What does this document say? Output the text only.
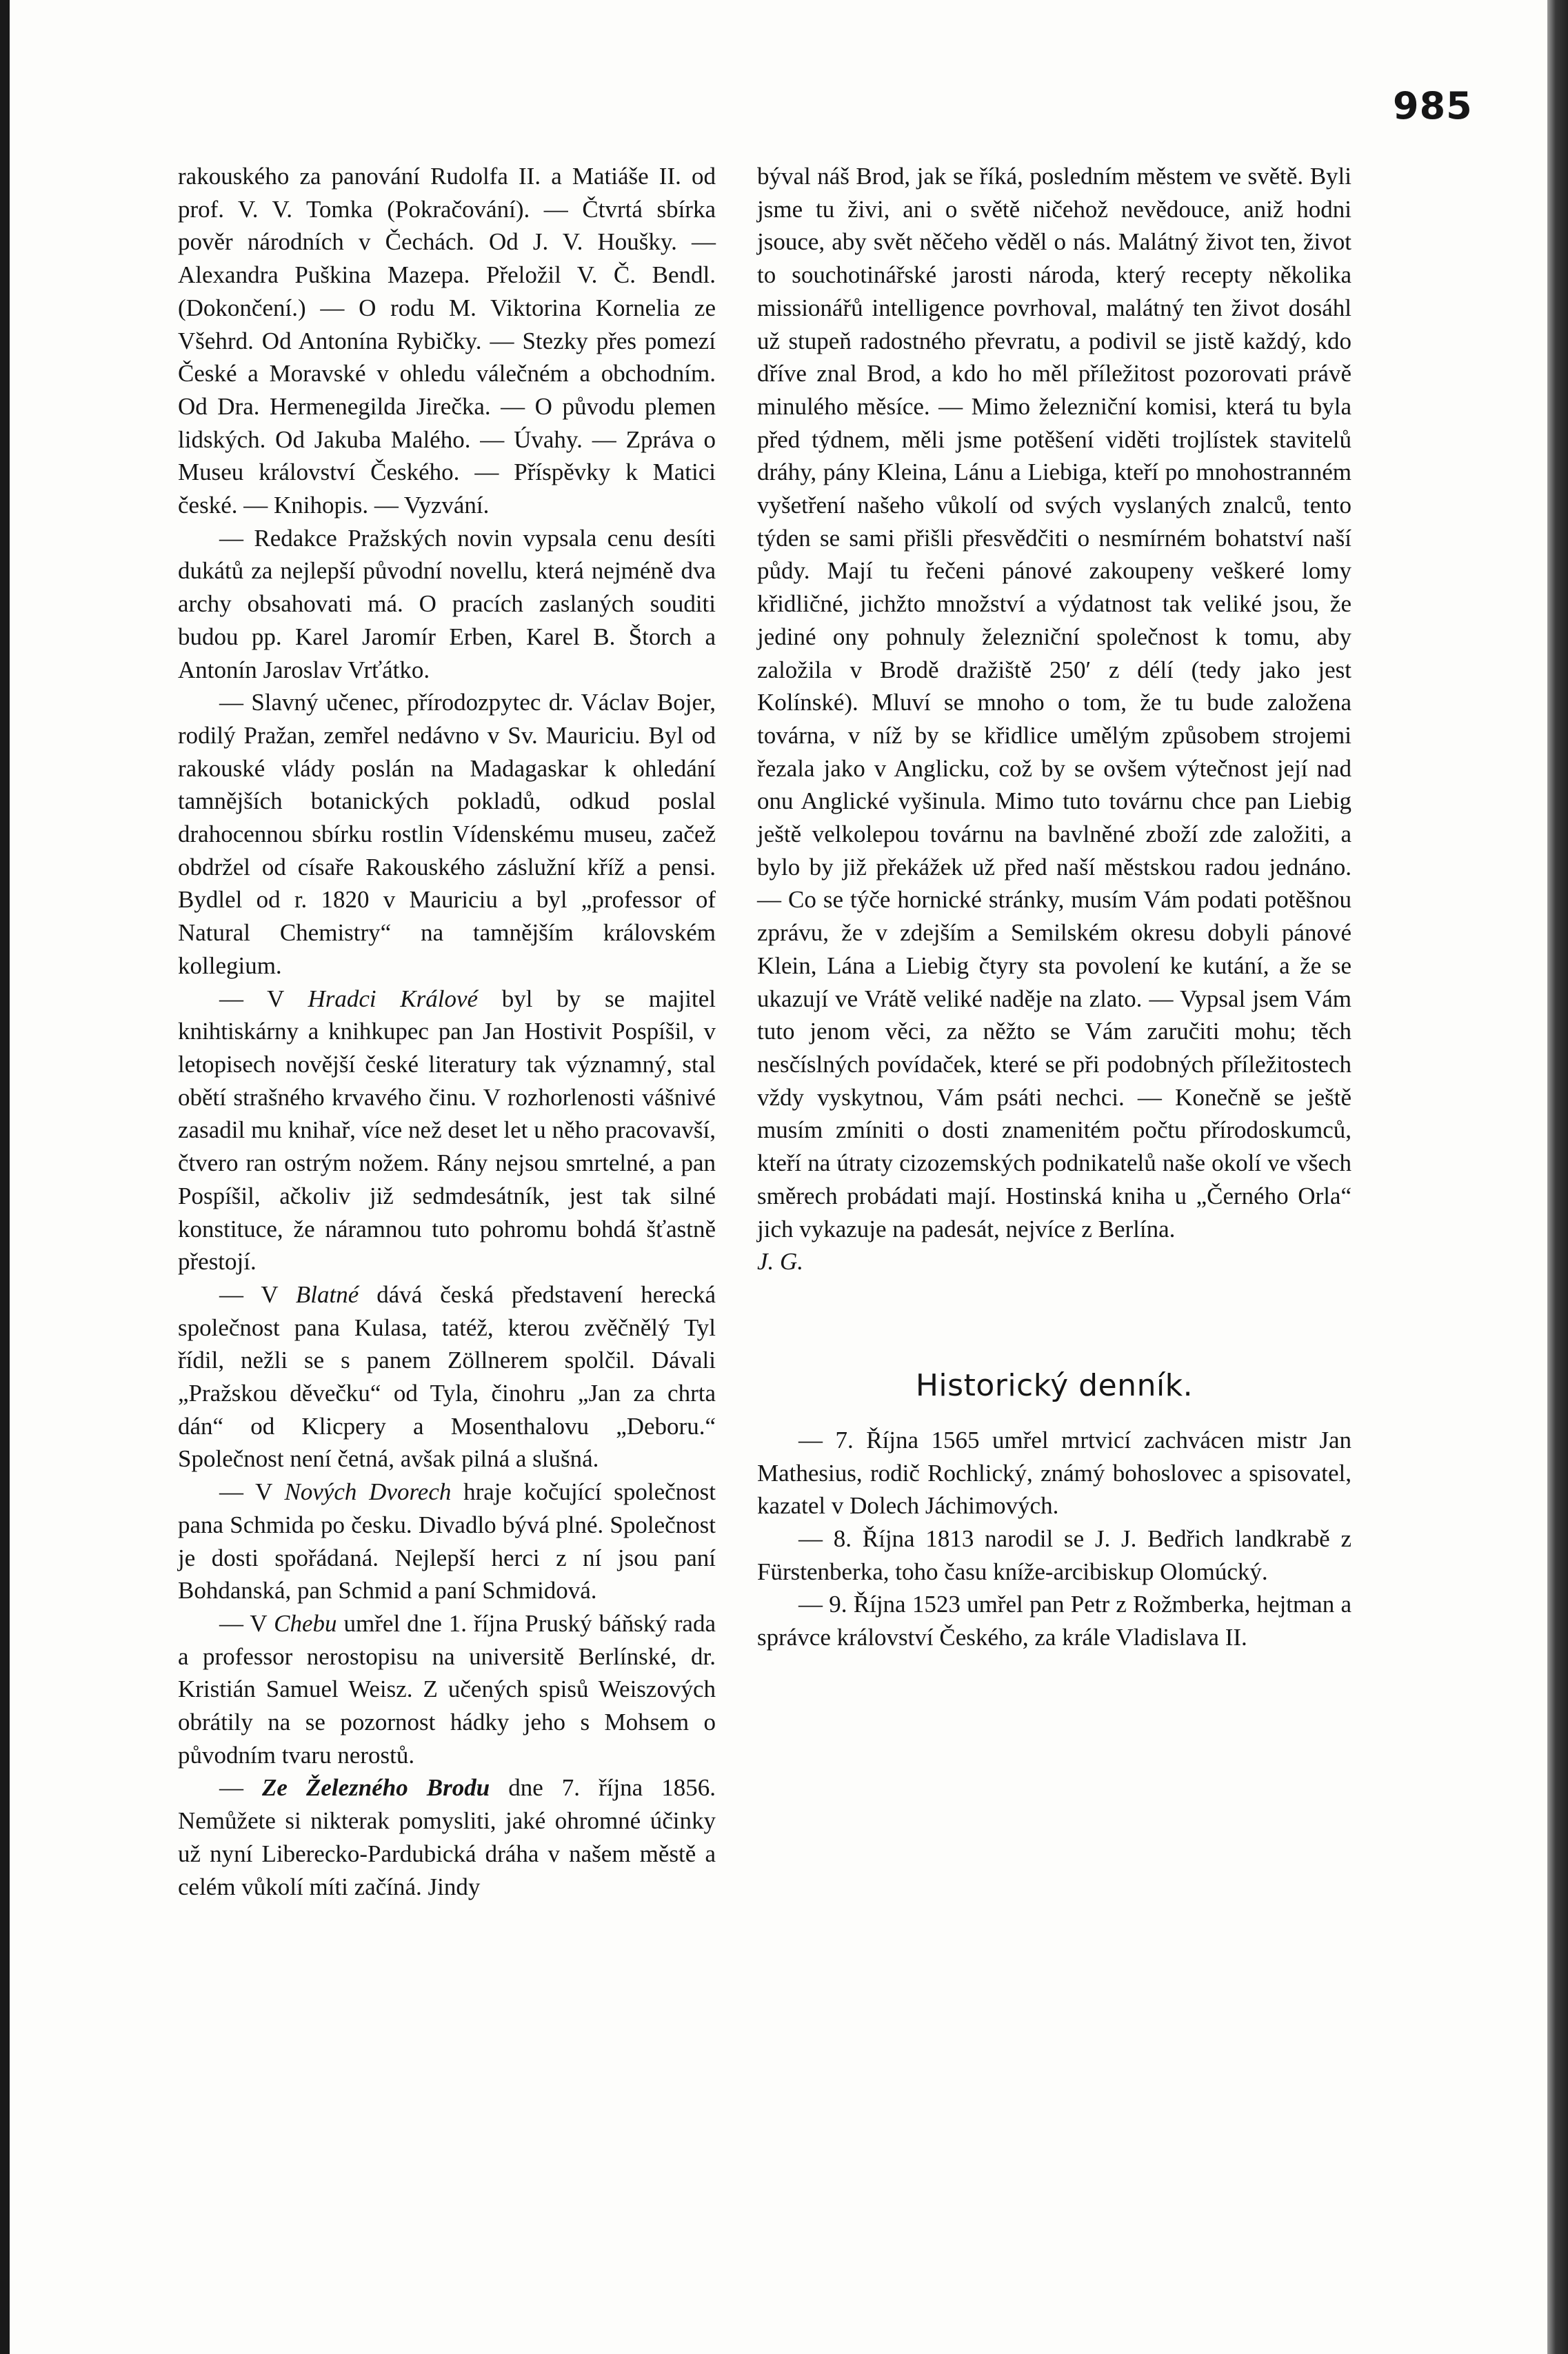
985

rakouského za panování Rudolfa II. a Matiáše II. od prof. V. V. Tomka (Pokračování). — Čtvrtá sbírka pověr národních v Čechách. Od J. V. Houšky. — Alexandra Puškina Mazepa. Přeložil V. Č. Bendl. (Dokončení.) — O rodu M. Viktorina Kornelia ze Všehrd. Od Antonína Rybičky. — Stezky přes pomezí České a Moravské v ohledu válečném a obchodním. Od Dra. Hermenegilda Jirečka. — O původu plemen lidských. Od Jakuba Malého. — Úvahy. — Zpráva o Museu království Českého. — Příspěvky k Matici české. — Knihopis. — Vyzvání.

— Redakce Pražských novin vypsala cenu desíti dukátů za nejlepší původní novellu, která nejméně dva archy obsahovati má. O pracích zaslaných souditi budou pp. Karel Jaromír Erben, Karel B. Štorch a Antonín Jaroslav Vrťátko.

— Slavný učenec, přírodozpytec dr. Václav Bojer, rodilý Pražan, zemřel nedávno v Sv. Mauriciu. Byl od rakouské vlády poslán na Madagaskar k ohledání tamnějších botanických pokladů, odkud poslal drahocennou sbírku rostlin Vídenskému museu, začež obdržel od císaře Rakouského záslužní kříž a pensi. Bydlel od r. 1820 v Mauriciu a byl „professor of Natural Chemistry“ na tamnějším královském kollegium.

— V Hradci Králové byl by se majitel knihtiskárny a knihkupec pan Jan Hostivit Pospíšil, v letopisech novější české literatury tak významný, stal obětí strašného krvavého činu. V rozhorlenosti vášnivé zasadil mu knihař, více než deset let u něho pracovavší, čtvero ran ostrým nožem. Rány nejsou smrtelné, a pan Pospíšil, ačkoliv již sedmdesátník, jest tak silné konstituce, že náramnou tuto pohromu bohdá šťastně přestojí.

— V Blatné dává česká představení herecká společnost pana Kulasa, tatéž, kterou zvěčnělý Tyl řídil, nežli se s panem Zöllnerem spolčil. Dávali „Pražskou děvečku“ od Tyla, činohru „Jan za chrta dán“ od Klicpery a Mosenthalovu „Deboru.“ Společnost není četná, avšak pilná a slušná.

— V Nových Dvorech hraje kočující společnost pana Schmida po česku. Divadlo bývá plné. Společnost je dosti spořádaná. Nejlepší herci z ní jsou paní Bohdanská, pan Schmid a paní Schmidová.

— V Chebu umřel dne 1. října Pruský báňský rada a professor nerostopisu na universitě Berlínské, dr. Kristián Samuel Weisz. Z učených spisů Weiszových obrátily na se pozornost hádky jeho s Mohsem o původním tvaru nerostů.

— Ze Železného Brodu dne 7. října 1856. Nemůžete si nikterak pomysliti, jaké ohromné účinky už nyní Liberecko-Pardubická dráha v našem městě a celém vůkolí míti začíná. Jindy

býval náš Brod, jak se říká, posledním městem ve světě. Byli jsme tu živi, ani o světě ničehož nevědouce, aniž hodni jsouce, aby svět něčeho věděl o nás. Malátný život ten, život to souchotinářské jarosti národa, který recepty několika missionářů intelligence povrhoval, malátný ten život dosáhl už stupeň radostného převratu, a podivil se jistě každý, kdo dříve znal Brod, a kdo ho měl příležitost pozorovati právě minulého měsíce. — Mimo železniční komisi, která tu byla před týdnem, měli jsme potěšení viděti trojlístek stavitelů dráhy, pány Kleina, Lánu a Liebiga, kteří po mnohostranném vyšetření našeho vůkolí od svých vyslaných znalců, tento týden se sami přišli přesvědčiti o nesmírném bohatství naší půdy. Mají tu řečeni pánové zakoupeny veškeré lomy křidličné, jichžto množství a výdatnost tak veliké jsou, že jediné ony pohnuly železniční společnost k tomu, aby založila v Brodě dražiště 250′ z délí (tedy jako jest Kolínské). Mluví se mnoho o tom, že tu bude založena továrna, v níž by se křidlice umělým způsobem strojemi řezala jako v Anglicku, což by se ovšem výtečnost její nad onu Anglické vyšinula. Mimo tuto továrnu chce pan Liebig ještě velkolepou továrnu na bavlněné zboží zde založiti, a bylo by již překážek už před naší městskou radou jednáno. — Co se týče hornické stránky, musím Vám podati potěšnou zprávu, že v zdejším a Semilském okresu dobyli pánové Klein, Lána a Liebig čtyry sta povolení ke kutání, a že se ukazují ve Vrátě veliké naděje na zlato. — Vypsal jsem Vám tuto jenom věci, za něžto se Vám zaručiti mohu; těch nesčíslných povídaček, které se při podobných příležitostech vždy vyskytnou, Vám psáti nechci. — Konečně se ještě musím zmíniti o dosti znamenitém počtu přírodoskumců, kteří na útraty cizozemských podnikatelů naše okolí ve všech směrech probádati mají. Hostinská kniha u „Černého Orla“ jich vykazuje na padesát, nejvíce z Berlína.

J. G.

Historický denník.

— 7. Října 1565 umřel mrtvicí zachvácen mistr Jan Mathesius, rodič Rochlický, známý bohoslovec a spisovatel, kazatel v Dolech Jáchimových.

— 8. Října 1813 narodil se J. J. Bedřich landkrabě z Fürstenberka, toho času kníže-arcibiskup Olomúcký.

— 9. Října 1523 umřel pan Petr z Rožmberka, hejtman a správce království Českého, za krále Vladislava II.
